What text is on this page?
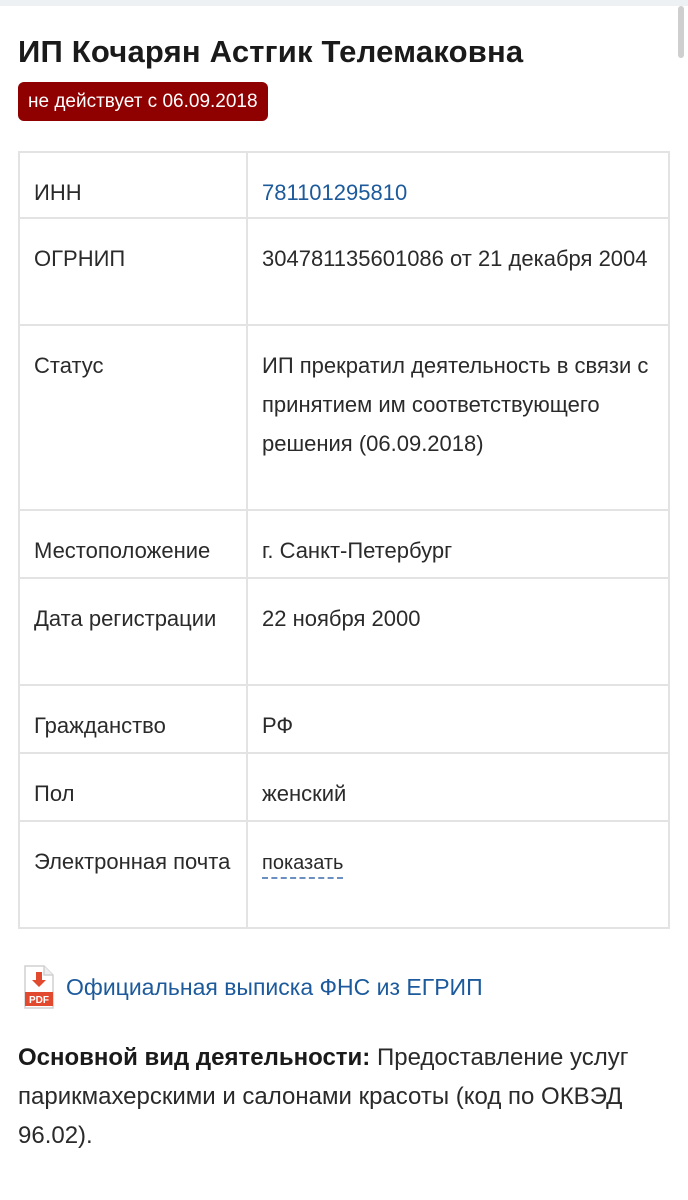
ИП Кочарян Астгик Телемаковна
не действует с 06.09.2018
ИНН	781101295810
ОГРНИП	304781135601086 от 21 декабря 2004
Статус	ИП прекратил деятельность в связи с принятием им соответствующего решения (06.09.2018)
Местоположение	г. Санкт-Петербург
Дата регистрации	22 ноября 2000
Гражданство	РФ
Пол	женский
Электронная почта	показать
PDF
Официальная выписка ФНС из ЕГРИП
Основной вид деятельности: Предоставление услуг парикмахерскими и салонами красоты (код по ОКВЭД 96.02).
